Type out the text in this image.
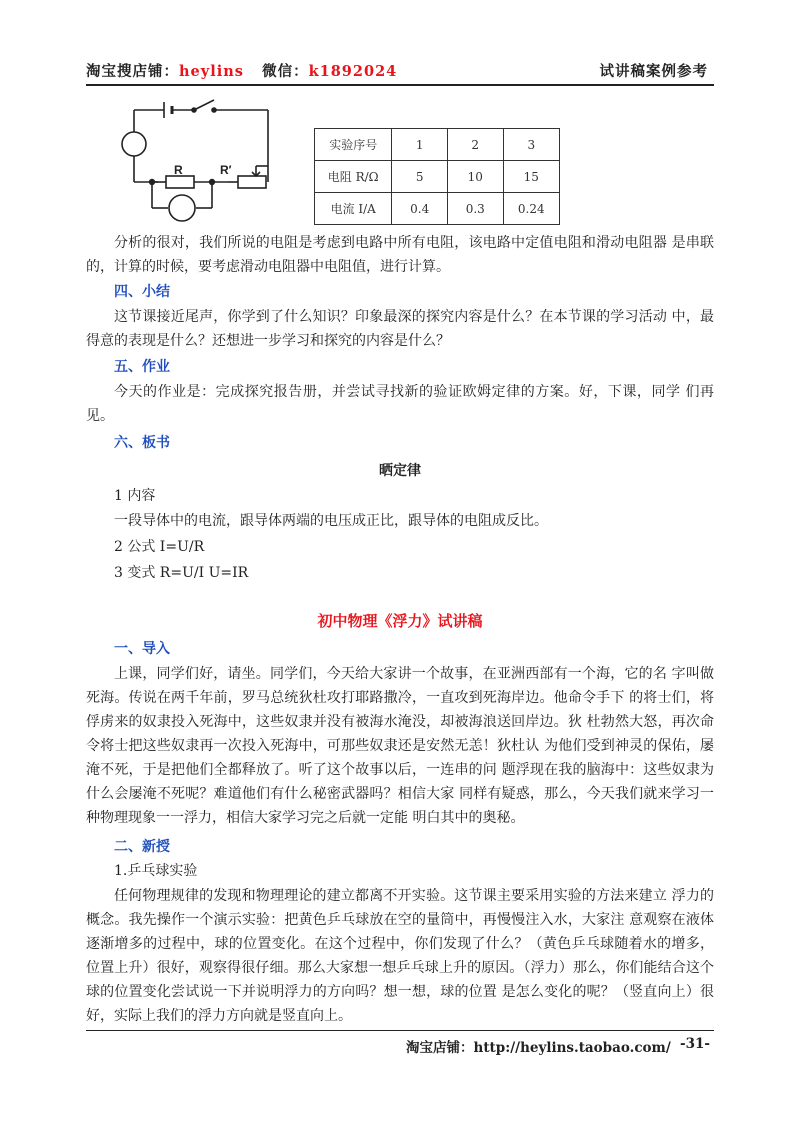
淘宝搜店铺：heylins 微信：k1892024	试讲稿案例参考
R	R′
实验序号	1	2	3
电阻 R/Ω	5	10	15
电流 I/A	0.4	0.3	0.24
分析的很对，我们所说的电阻是考虑到电路中所有电阻，该电路中定值电阻和滑动电阻器 是串联的，计算的时候，要考虑滑动电阻器中电阻值，进行计算。
四、小结
这节课接近尾声，你学到了什么知识？印象最深的探究内容是什么？在本节课的学习活动 中，最得意的表现是什么？还想进一步学习和探究的内容是什么？
五、作业
今天的作业是：完成探究报告册，并尝试寻找新的验证欧姆定律的方案。好，下课，同学 们再见。
六、板书
晒定律
1 内容
一段导体中的电流，跟导体两端的电压成正比，跟导体的电阻成反比。
2 公式 I=U/R
3 变式 R=U/I U=IR
初中物理《浮力》试讲稿
一、导入
上课，同学们好，请坐。同学们，今天给大家讲一个故事，在亚洲西部有一个海，它的名 字叫做死海。传说在两千年前，罗马总统狄杜攻打耶路撒冷，一直攻到死海岸边。他命令手下 的将士们，将俘虏来的奴隶投入死海中，这些奴隶并没有被海水淹没，却被海浪送回岸边。狄 杜勃然大怒，再次命令将士把这些奴隶再一次投入死海中，可那些奴隶还是安然无恙！狄杜认 为他们受到神灵的保佑，屡淹不死，于是把他们全都释放了。听了这个故事以后，一连串的问 题浮现在我的脑海中：这些奴隶为什么会屡淹不死呢？难道他们有什么秘密武器吗？相信大家 同样有疑惑，那么，今天我们就来学习一种物理现象一一浮力，相信大家学习完之后就一定能 明白其中的奥秘。
二、新授
1.乒乓球实验
任何物理规律的发现和物理理论的建立都离不开实验。这节课主要采用实验的方法来建立 浮力的概念。我先操作一个演示实验：把黄色乒乓球放在空的量筒中，再慢慢注入水，大家注 意观察在液体逐渐增多的过程中，球的位置变化。在这个过程中，你们发现了什么？（黄色乒乓球随着水的增多，位置上升）很好，观察得很仔细。那么大家想一想乒乓球上升的原因。（浮力）那么，你们能结合这个球的位置变化尝试说一下并说明浮力的方向吗？想一想，球的位置 是怎么变化的呢？（竖直向上）很好，实际上我们的浮力方向就是竖直向上。
淘宝店铺：http://heylins.taobao.com/ -31-
